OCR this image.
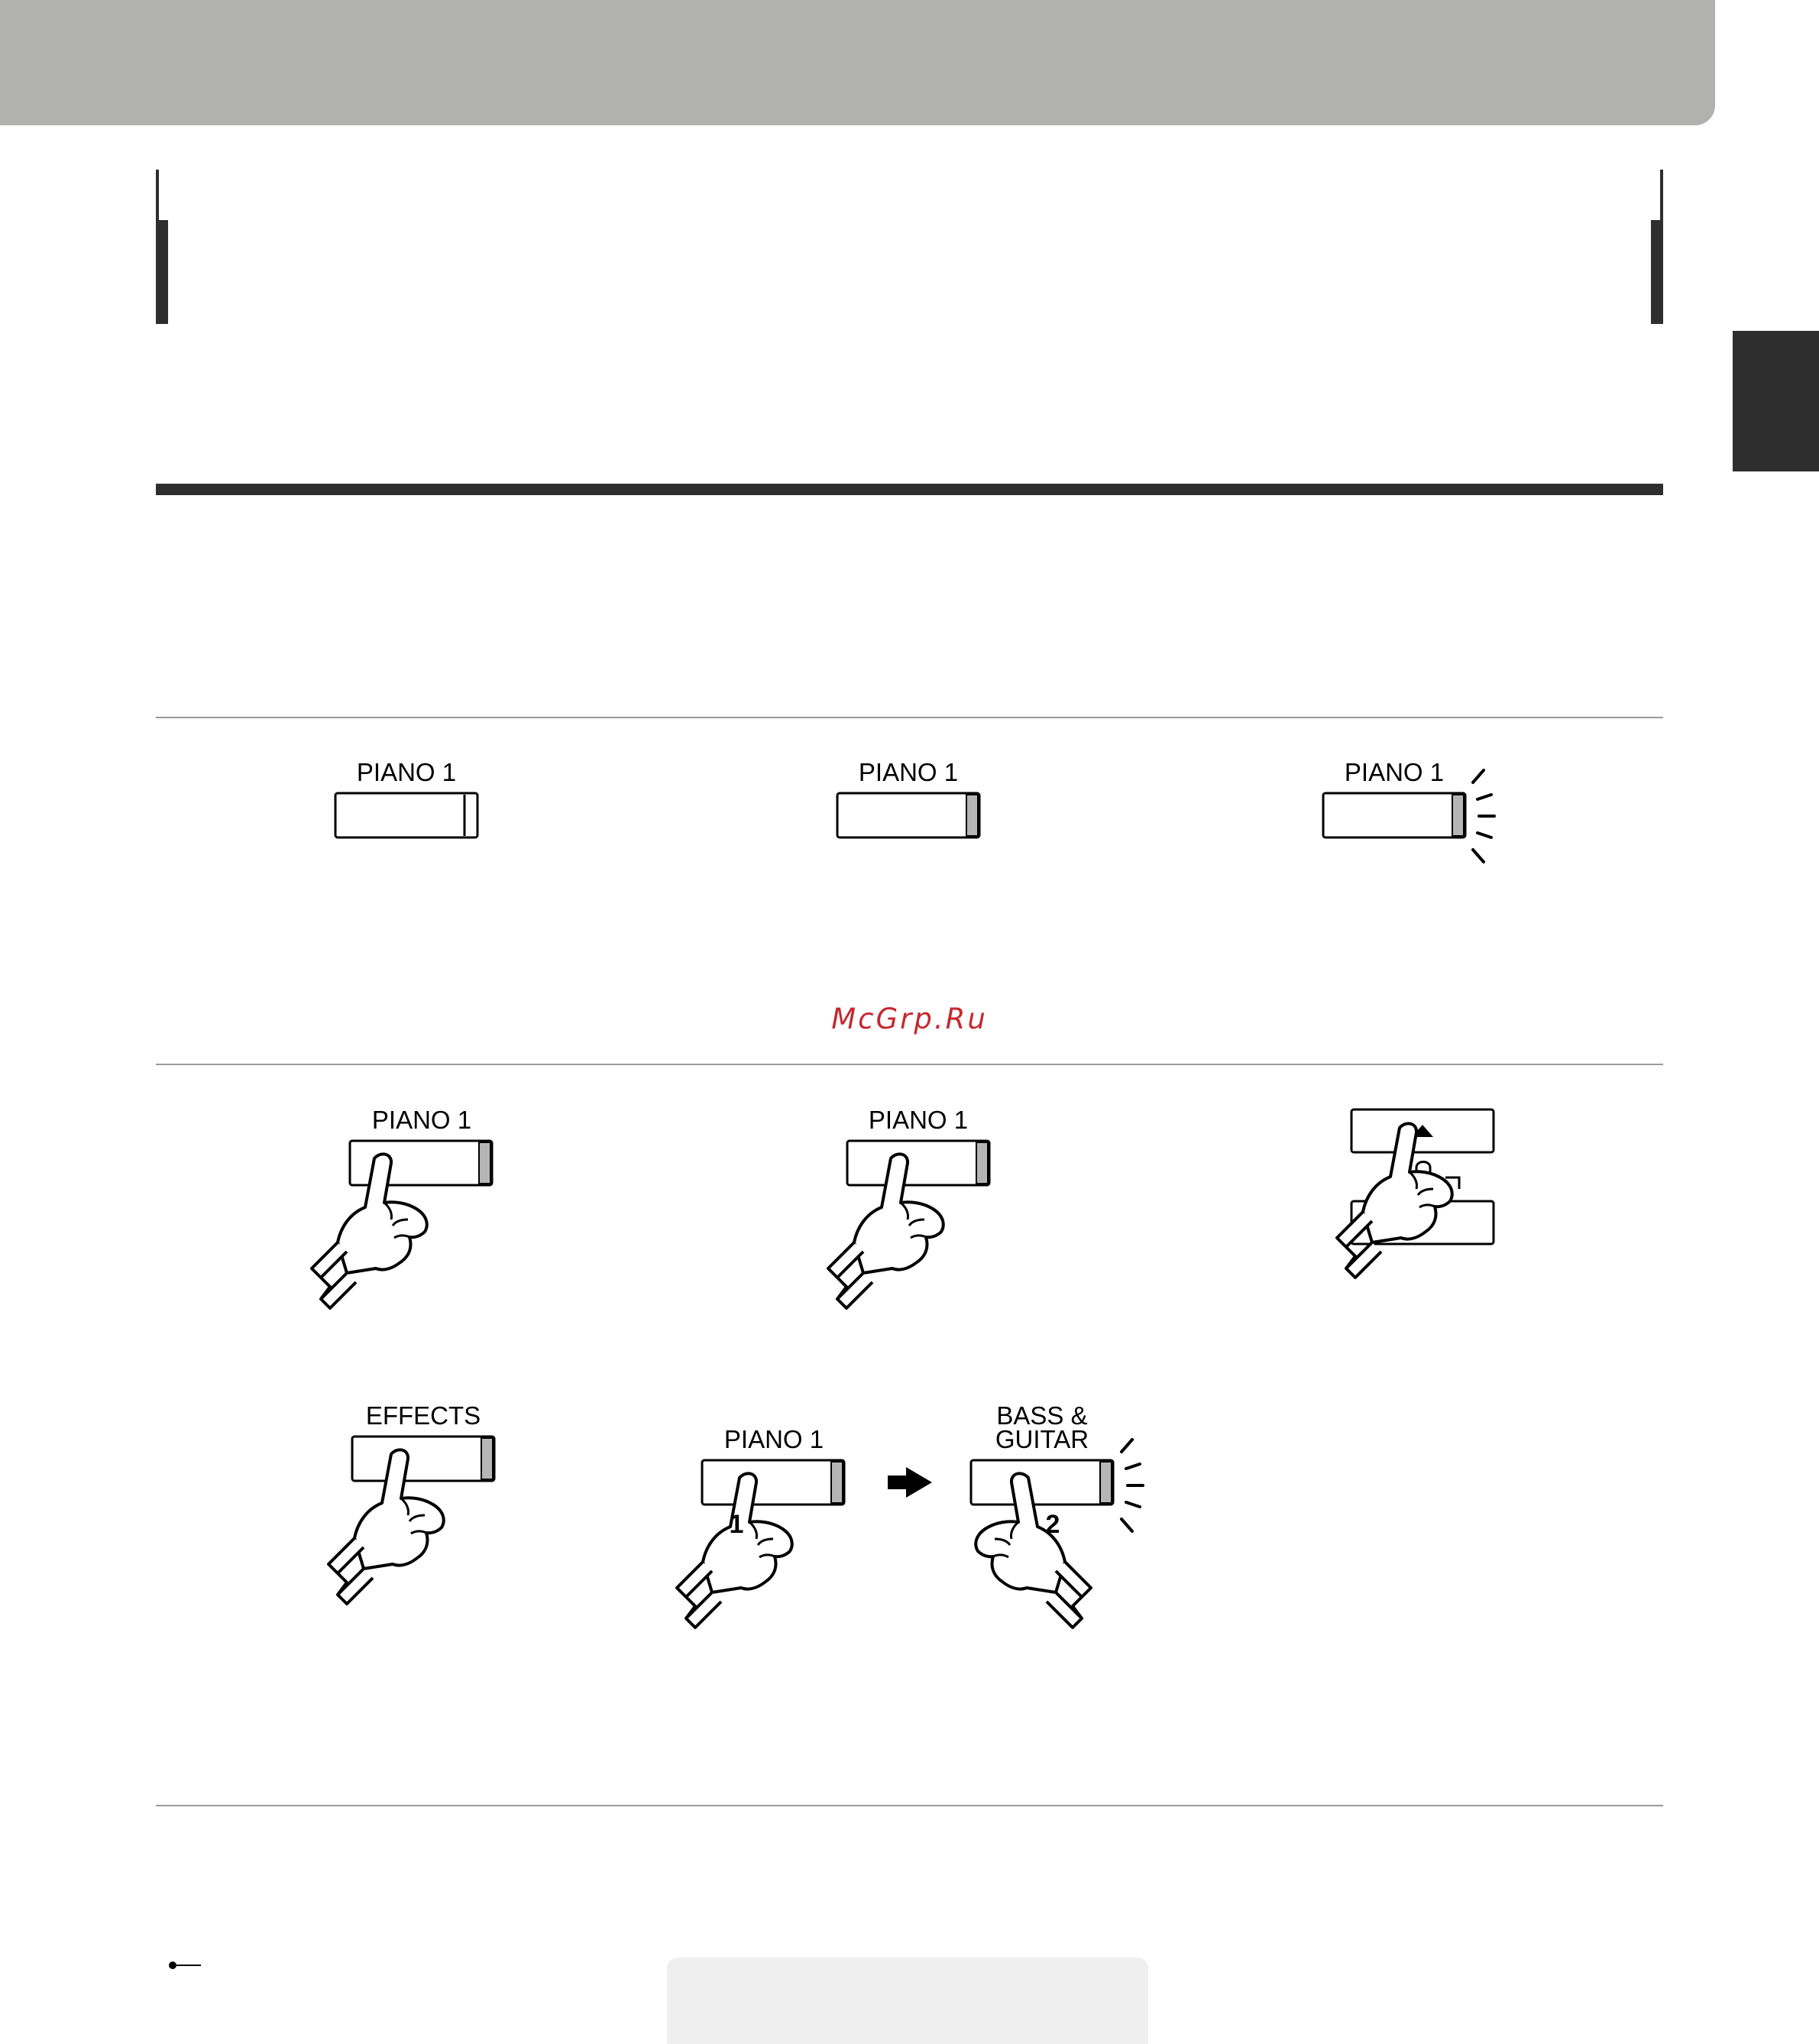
McGrp.Ru
PIANO 1	PIANO 1	PIANO 1
PIANO 1	PIANO 1
EFFECTS
PIANO 1
1
BASS &
GUITAR
2
